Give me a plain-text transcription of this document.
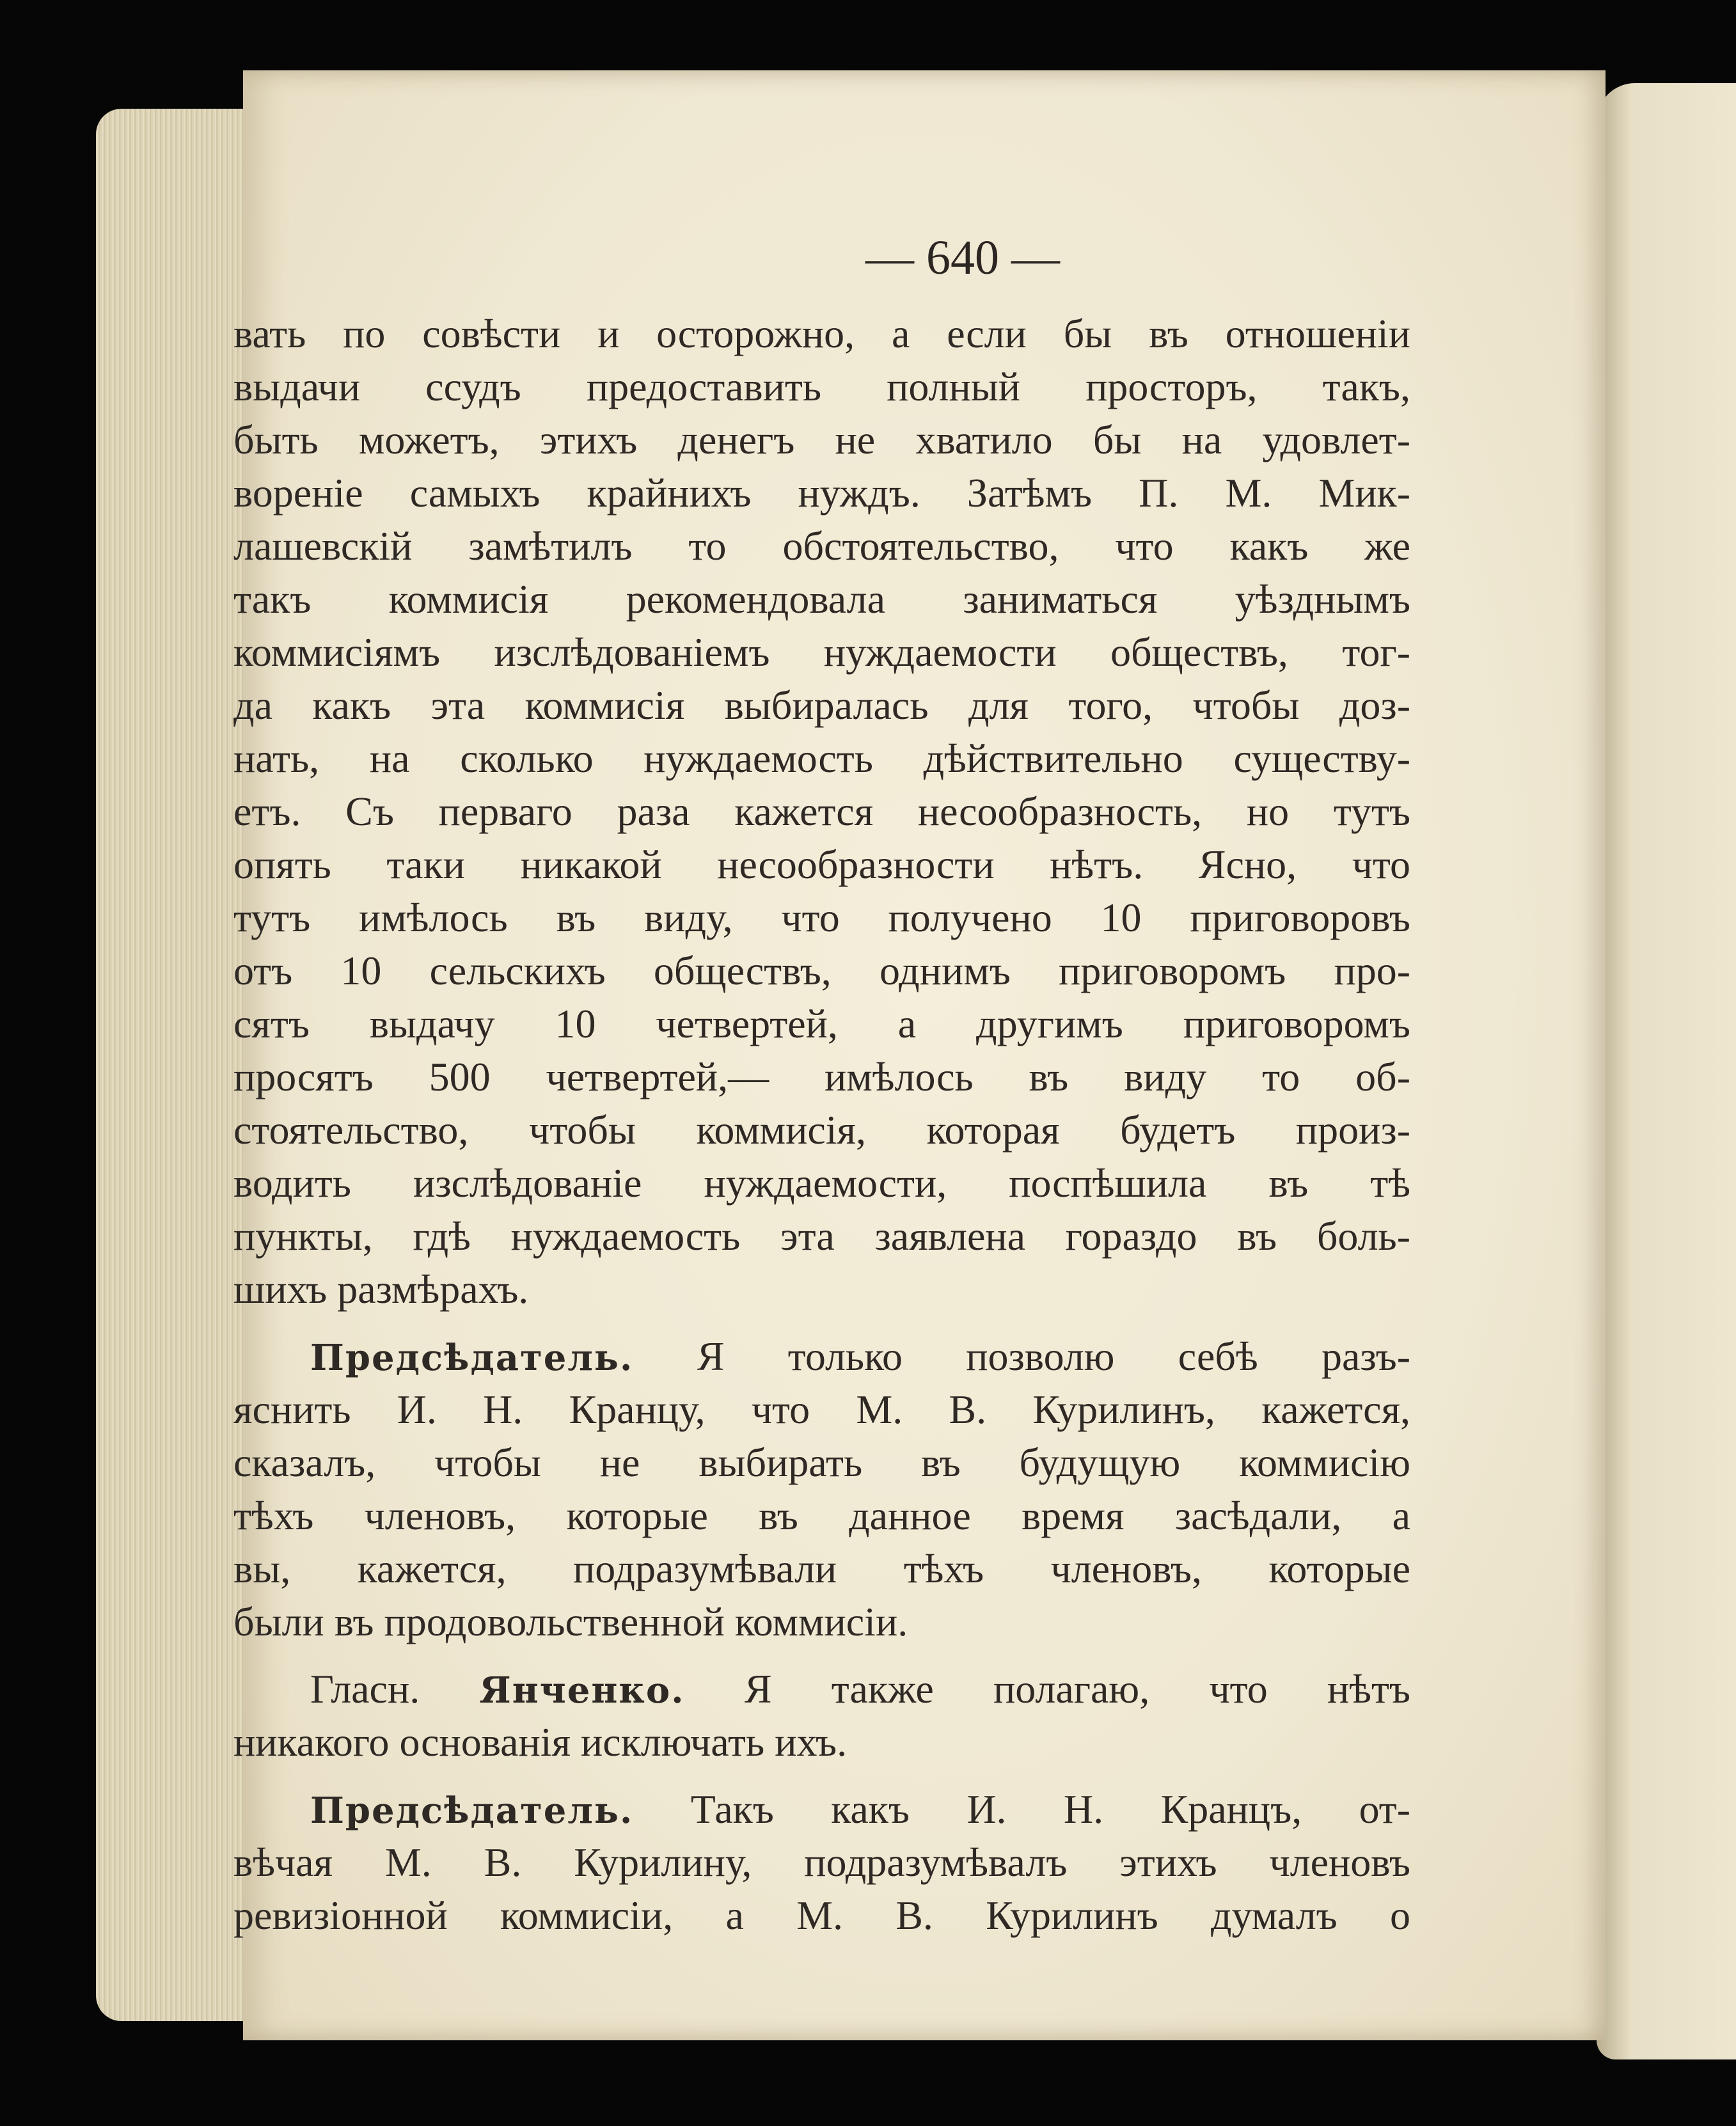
— 640 —
вать по совѣсти и осторожно, а если бы въ отношеніи
выдачи ссудъ предоставить полный просторъ, такъ,
быть можетъ, этихъ денегъ не хватило бы на удовлет-
вореніе самыхъ крайнихъ нуждъ. Затѣмъ П. М. Мик-
лашевскій замѣтилъ то обстоятельство, что какъ же
такъ коммисія рекомендовала заниматься уѣзднымъ
коммисіямъ изслѣдованіемъ нуждаемости обществъ, тог-
да какъ эта коммисія выбиралась для того, чтобы доз-
нать, на сколько нуждаемость дѣйствительно существу-
етъ. Съ перваго раза кажется несообразность, но тутъ
опять таки никакой несообразности нѣтъ. Ясно, что
тутъ имѣлось въ виду, что получено 10 приговоровъ
отъ 10 сельскихъ обществъ, однимъ приговоромъ про-
сятъ выдачу 10 четвертей, а другимъ приговоромъ
просятъ 500 четвертей,— имѣлось въ виду то об-
стоятельство, чтобы коммисія, которая будетъ произ-
водить изслѣдованіе нуждаемости, поспѣшила въ тѣ
пункты, гдѣ нуждаемость эта заявлена гораздо въ боль-
шихъ размѣрахъ.
Предсѣдатель. Я только позволю себѣ разъ-
яснить И. Н. Кранцу, что М. В. Курилинъ, кажется,
сказалъ, чтобы не выбирать въ будущую коммисію
тѣхъ членовъ, которые въ данное время засѣдали, а
вы, кажется, подразумѣвали тѣхъ членовъ, которые
были въ продовольственной коммисіи.
Гласн. Янченко. Я также полагаю, что нѣтъ
никакого основанія исключать ихъ.
Предсѣдатель. Такъ какъ И. Н. Кранцъ, от-
вѣчая М. В. Курилину, подразумѣвалъ этихъ членовъ
ревизіонной коммисіи, а М. В. Курилинъ думалъ о
